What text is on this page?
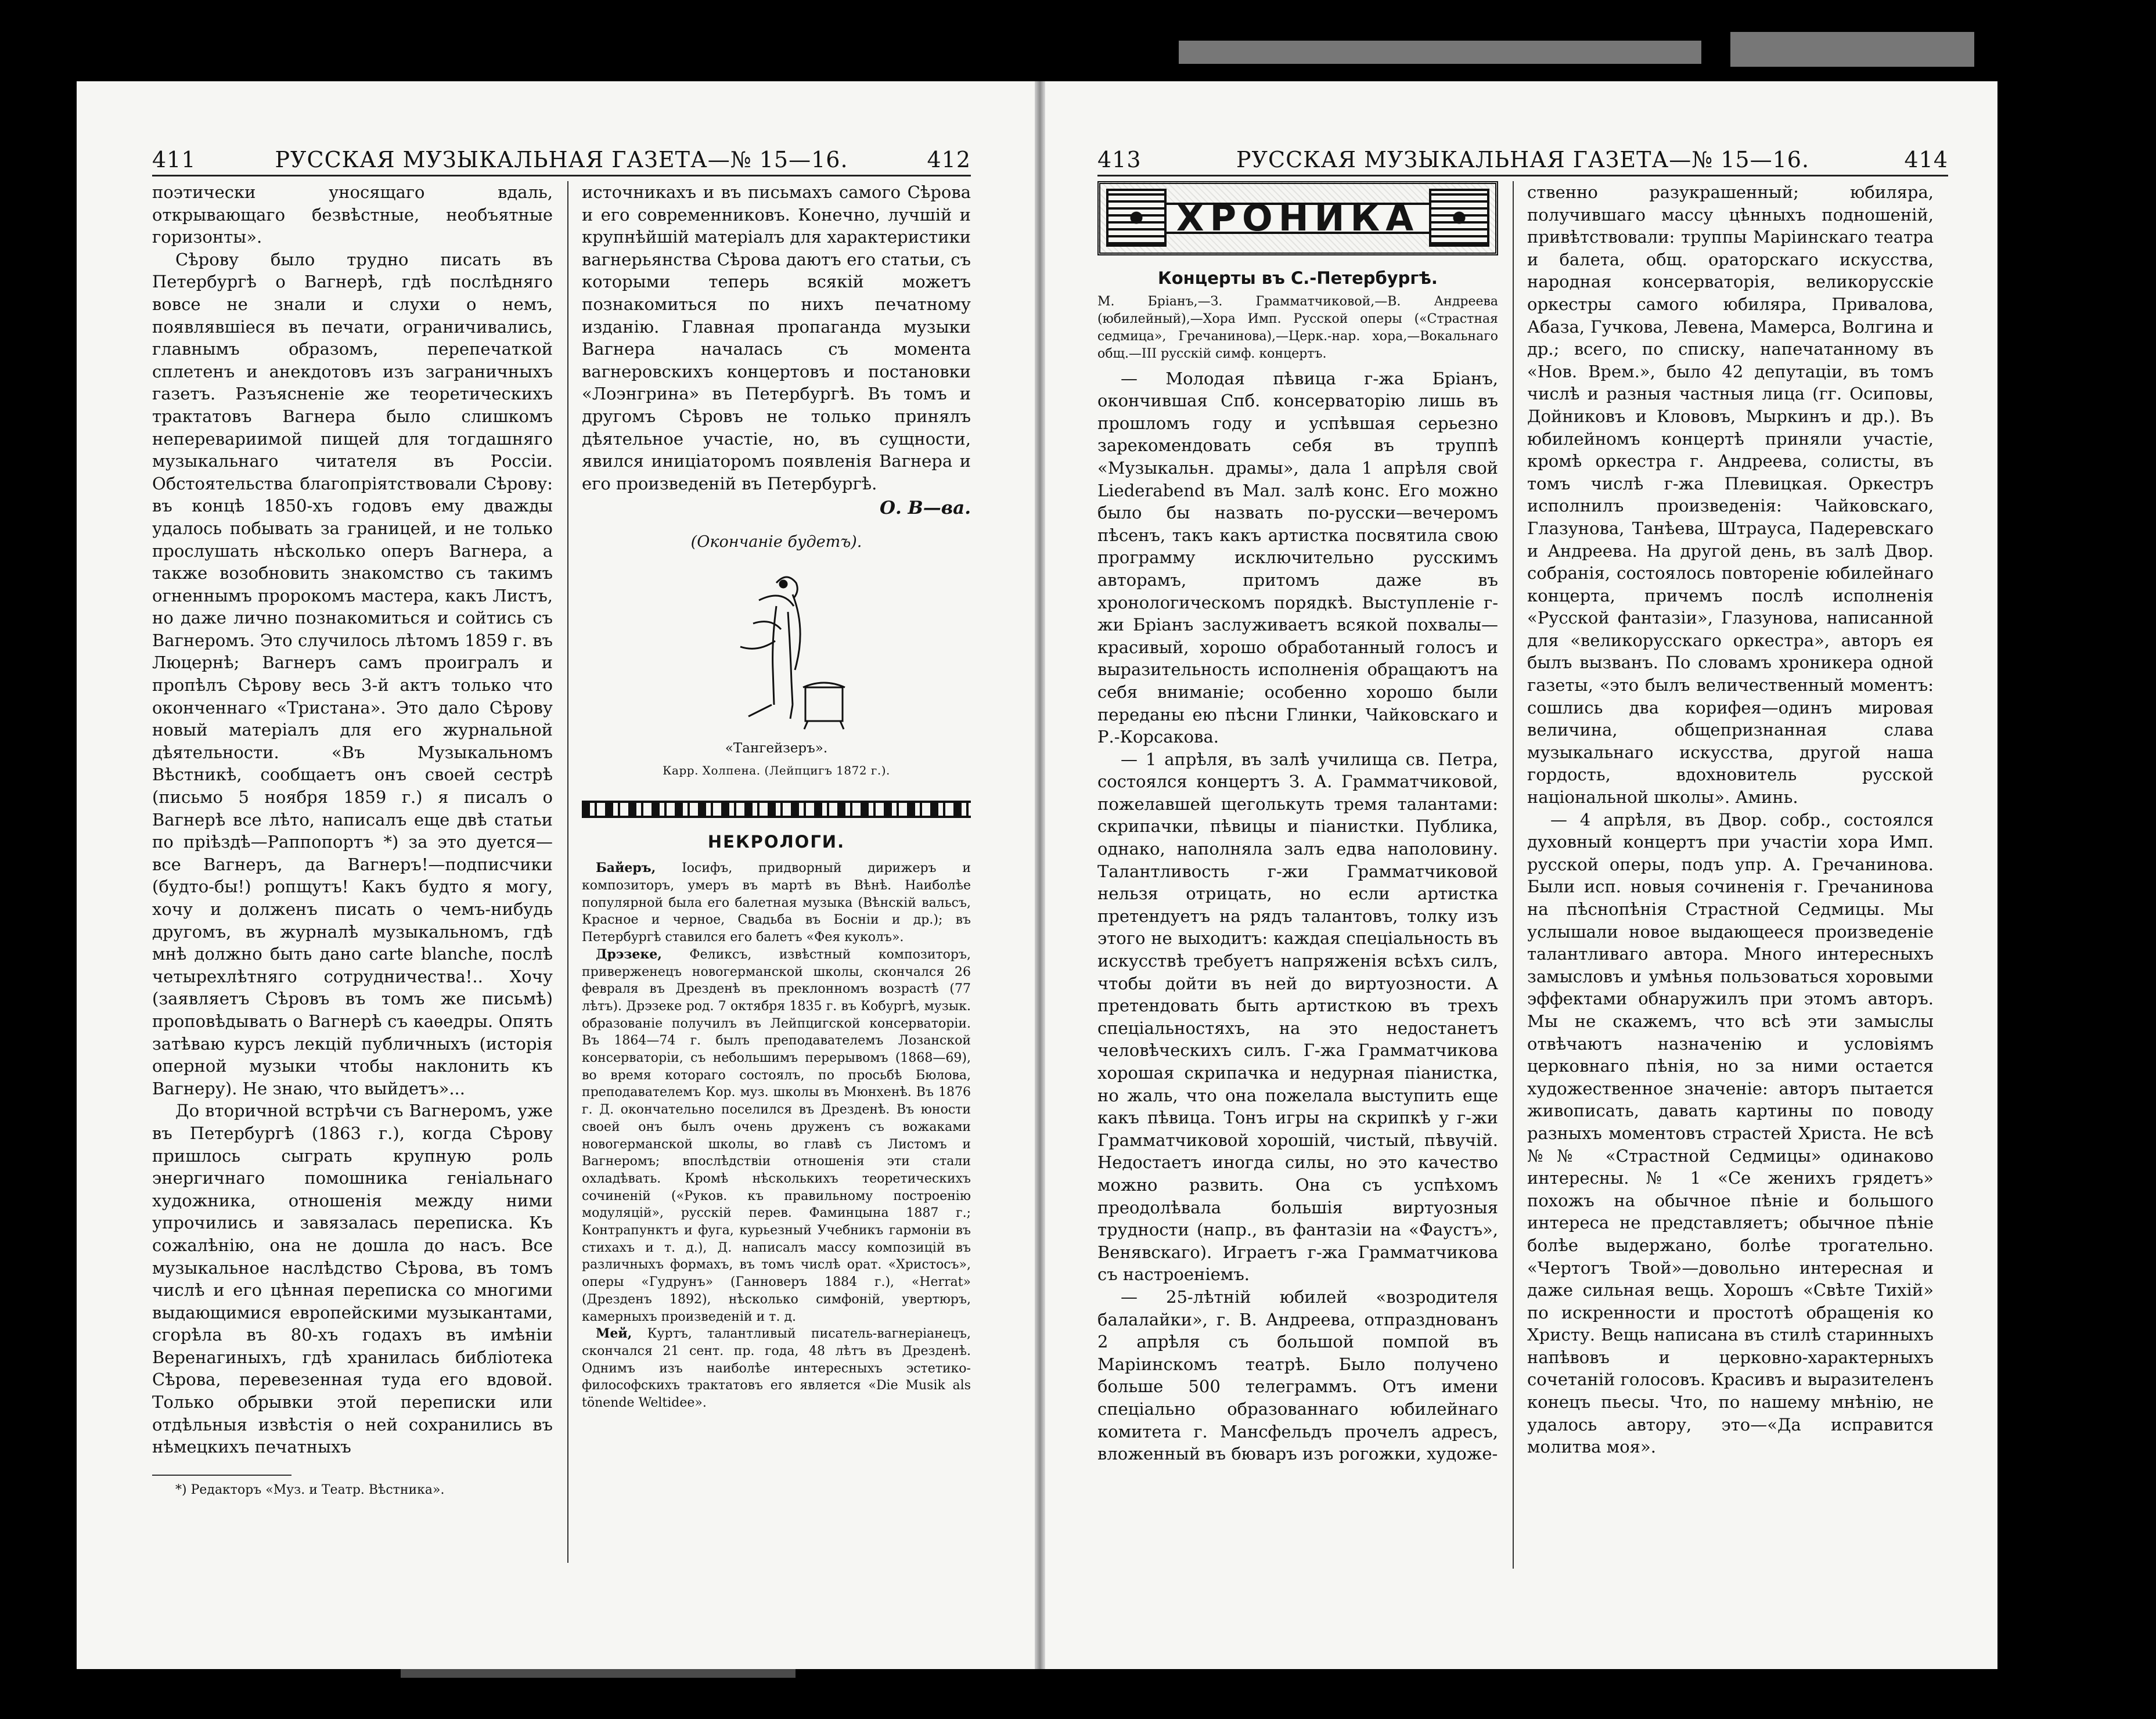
411	РУССКАЯ МУЗЫКАЛЬНАЯ ГАЗЕТА—№ 15—16.	412

поэтически уносящаго вдаль, открывающаго безвѣстные, необъятные горизонты».

Сѣрову было трудно писать въ Петербургѣ о Вагнерѣ, гдѣ послѣдняго вовсе не знали и слухи о немъ, появлявшіеся въ печати, ограничивались, главнымъ образомъ, перепечаткой сплетенъ и анекдотовъ изъ заграничныхъ газетъ. Разъясненіе же теоретическихъ трактатовъ Вагнера было слишкомъ неперевариимой пищей для тогдашняго музыкальнаго читателя въ Россіи. Обстоятельства благопріятствовали Сѣрову: въ концѣ 1850-хъ годовъ ему дважды удалось побывать за границей, и не только прослушать нѣсколько оперъ Вагнера, а также возобновить знакомство съ такимъ огненнымъ пророкомъ мастера, какъ Листъ, но даже лично познакомиться и сойтись съ Вагнеромъ. Это случилось лѣтомъ 1859 г. въ Люцернѣ; Вагнеръ самъ проигралъ и пропѣлъ Сѣрову весь 3-й актъ только что оконченнаго «Тристана». Это дало Сѣрову новый матеріалъ для его журнальной дѣятельности. «Въ Музыкальномъ Вѣстникѣ, сообщаетъ онъ своей сестрѣ (письмо 5 ноября 1859 г.) я писалъ о Вагнерѣ все лѣто, написалъ еще двѣ статьи по пріѣздѣ—Раппопортъ *) за это дуется—все Вагнеръ, да Вагнеръ!—подписчики (будто-бы!) ропщутъ! Какъ будто я могу, хочу и долженъ писать о чемъ-нибудь другомъ, въ журналѣ музыкальномъ, гдѣ мнѣ должно быть дано carte blanche, послѣ четырехлѣтняго сотрудничества!.. Хочу (заявляетъ Сѣровъ въ томъ же письмѣ) проповѣдывать о Вагнерѣ съ каѳедры. Опять затѣваю курсъ лекцій публичныхъ (исторія оперной музыки чтобы наклонить къ Вагнеру). Не знаю, что выйдетъ»...

До вторичной встрѣчи съ Вагнеромъ, уже въ Петербургѣ (1863 г.), когда Сѣрову пришлось сыграть крупную роль энергичнаго помошника геніальнаго художника, отношенія между ними упрочились и завязалась переписка. Къ сожалѣнію, она не дошла до насъ. Все музыкальное наслѣдство Сѣрова, въ томъ числѣ и его цѣнная переписка со многими выдающимися европейскими музыкантами, сгорѣла въ 80-хъ годахъ въ имѣніи Веренагиныхъ, гдѣ хранилась библіотека Сѣрова, перевезенная туда его вдовой. Только обрывки этой переписки или отдѣльныя извѣстія о ней сохранились въ нѣмецкихъ печатныхъ

*) Редакторъ «Муз. и Театр. Вѣстника».

источникахъ и въ письмахъ самого Сѣрова и его современниковъ. Конечно, лучшій и крупнѣйшій матеріалъ для характеристики вагнерьянства Сѣрова даютъ его статьи, съ которыми теперь всякій можетъ познакомиться по нихъ печатному изданію. Главная пропаганда музыки Вагнера началась съ момента вагнеровскихъ концертовъ и постановки «Лоэнгрина» въ Петербургѣ. Въ томъ и другомъ Сѣровъ не только принялъ дѣятельное участіе, но, въ сущности, явился иниціаторомъ появленія Вагнера и его произведеній въ Петербургѣ.

О. В—ва.
(Окончаніе будетъ).
«Тангейзеръ».
Карр. Холпена. (Лейпцигъ 1872 г.).
НЕКРОЛОГИ.

Байеръ, Іосифъ, придворный дирижеръ и композиторъ, умеръ въ мартѣ въ Вѣнѣ. Наиболѣе популярной была его балетная музыка (Вѣнскій вальсъ, Красное и черное, Свадьба въ Босніи и др.); въ Петербургѣ ставился его балетъ «Фея куколъ».

Дрэзеке, Феликсъ, извѣстный композиторъ, приверженецъ новогерманской школы, скончался 26 февраля въ Дрезденѣ въ преклонномъ возрастѣ (77 лѣтъ). Дрэзеке род. 7 октября 1835 г. въ Кобургѣ, музык. образованіе получилъ въ Лейпцигской консерваторіи. Въ 1864—74 г. былъ преподавателемъ Лозанской консерваторіи, съ небольшимъ перерывомъ (1868—69), во время котораго состоялъ, по просьбѣ Бюлова, преподавателемъ Кор. муз. школы въ Мюнхенѣ. Въ 1876 г. Д. окончательно поселился въ Дрезденѣ. Въ юности своей онъ былъ очень друженъ съ вожаками новогерманской школы, во главѣ съ Листомъ и Вагнеромъ; впослѣдствіи отношенія эти стали охладѣвать. Кромѣ нѣсколькихъ теоретическихъ сочиненій («Руков. къ правильному построенію модуляцій», русскій перев. Фаминцына 1887 г.; Контрапунктъ и фуга, курьезный Учебникъ гармоніи въ стихахъ и т. д.), Д. написалъ массу композицій въ различныхъ формахъ, въ томъ числѣ орат. «Христосъ», оперы «Гудрунъ» (Ганноверъ 1884 г.), «Herrat» (Дрезденъ 1892), нѣсколько симфоній, увертюръ, камерныхъ произведеній и т. д.

Мей, Куртъ, талантливый писатель-вагнеріанецъ, скончался 21 сент. пр. года, 48 лѣтъ въ Дрезденѣ. Однимъ изъ наиболѣе интересныхъ эстетико-философскихъ трактатовъ его является «Die Musik als tönende Weltidee».

413	РУССКАЯ МУЗЫКАЛЬНАЯ ГАЗЕТА—№ 15—16.	414
ХРОНИКА
Концерты въ С.-Петербургѣ.
М. Бріанъ,—З. Грамматчиковой,—В. Андреева (юбилейный),—Хора Имп. Русской оперы («Страстная седмица», Гречанинова),—Церк.-нар. хора,—Вокальнаго общ.—III русскій симф. концертъ.

— Молодая пѣвица г-жа Бріанъ, окончившая Спб. консерваторію лишь въ прошломъ году и успѣвшая серьезно зарекомендовать себя въ труппѣ «Музыкальн. драмы», дала 1 апрѣля свой Liederabend въ Мал. залѣ конс. Его можно было бы назвать по-русски—вечеромъ пѣсенъ, такъ какъ артистка посвятила свою программу исключительно русскимъ авторамъ, притомъ даже въ хронологическомъ порядкѣ. Выступленіе г-жи Бріанъ заслуживаетъ всякой похвалы—красивый, хорошо обработанный голосъ и выразительность исполненія обращаютъ на себя вниманіе; особенно хорошо были переданы ею пѣсни Глинки, Чайковскаго и Р.-Корсакова.

— 1 апрѣля, въ залѣ училища св. Петра, состоялся концертъ З. А. Грамматчиковой, пожелавшей щеголькуть тремя талантами: скрипачки, пѣвицы и піанистки. Публика, однако, наполняла залъ едва наполовину. Талантливость г-жи Грамматчиковой нельзя отрицать, но если артистка претендуетъ на рядъ талантовъ, толку изъ этого не выходитъ: каждая спеціальность въ искусствѣ требуетъ напряженія всѣхъ силъ, чтобы дойти въ ней до виртуозности. А претендовать быть артисткою въ трехъ спеціальностяхъ, на это недостанетъ человѣческихъ силъ. Г-жа Грамматчикова хорошая скрипачка и недурная піанистка, но жаль, что она пожелала выступить еще какъ пѣвица. Тонъ игры на скрипкѣ у г-жи Грамматчиковой хорошій, чистый, пѣвучій. Недостаетъ иногда силы, но это качество можно развить. Она съ успѣхомъ преодолѣвала большія виртуозныя трудности (напр., въ фантазіи на «Фаустъ», Венявскаго). Играетъ г-жа Грамматчикова съ настроеніемъ.

— 25-лѣтній юбилей «возродителя балалайки», г. В. Андреева, отпразднованъ 2 апрѣля съ большой помпой въ Маріинскомъ театрѣ. Было получено больше 500 телеграммъ. Отъ имени спеціально образованнаго юбилейнаго комитета г. Мансфельдъ прочелъ адресъ, вложенный въ бюваръ изъ рогожки, художе-

ственно разукрашенный; юбиляра, получившаго массу цѣнныхъ подношеній, привѣтствовали: труппы Маріинскаго театра и балета, общ. ораторскаго искусства, народная консерваторія, великорусскіе оркестры самого юбиляра, Привалова, Абаза, Гучкова, Левена, Мамерса, Волгина и др.; всего, по списку, напечатанному въ «Нов. Врем.», было 42 депутаціи, въ томъ числѣ и разныя частныя лица (гг. Осиповы, Дойниковъ и Клововъ, Мыркинъ и др.). Въ юбилейномъ концертѣ приняли участіе, кромѣ оркестра г. Андреева, солисты, въ томъ числѣ г-жа Плевицкая. Оркестръ исполнилъ произведенія: Чайковскаго, Глазунова, Танѣева, Штрауса, Падеревскаго и Андреева. На другой день, въ залѣ Двор. собранія, состоялось повтореніе юбилейнаго концерта, причемъ послѣ исполненія «Русской фантазіи», Глазунова, написанной для «великорусскаго оркестра», авторъ ея былъ вызванъ. По словамъ хроникера одной газеты, «это былъ величественный моментъ: сошлись два корифея—одинъ мировая величина, общепризнанная слава музыкальнаго искусства, другой наша гордость, вдохновитель русской національной школы». Аминь.

— 4 апрѣля, въ Двор. собр., состоялся духовный концертъ при участіи хора Имп. русской оперы, подъ упр. А. Гречанинова. Были исп. новыя сочиненія г. Гречанинова на пѣснопѣнія Страстной Седмицы. Мы услышали новое выдающееся произведеніе талантливаго автора. Много интересныхъ замысловъ и умѣнья пользоваться хоровыми эффектами обнаружилъ при этомъ авторъ. Мы не скажемъ, что всѣ эти замыслы отвѣчаютъ назначенію и условіямъ церковнаго пѣнія, но за ними остается художественное значеніе: авторъ пытается живописать, давать картины по поводу разныхъ моментовъ страстей Христа. Не всѣ №№ «Страстной Седмицы» одинаково интересны. № 1 «Се женихъ грядетъ» похожъ на обычное пѣніе и большого интереса не представляетъ; обычное пѣніе болѣе выдержано, болѣе трогательно. «Чертогъ Твой»—довольно интересная и даже сильная вещь. Хорошъ «Свѣте Тихій» по искренности и простотѣ обращенія ко Христу. Вещь написана въ стилѣ старинныхъ напѣвовъ и церковно-характерныхъ сочетаній голосовъ. Красивъ и выразителенъ конецъ пьесы. Что, по нашему мнѣнію, не удалось автору, это—«Да исправится молитва моя».
